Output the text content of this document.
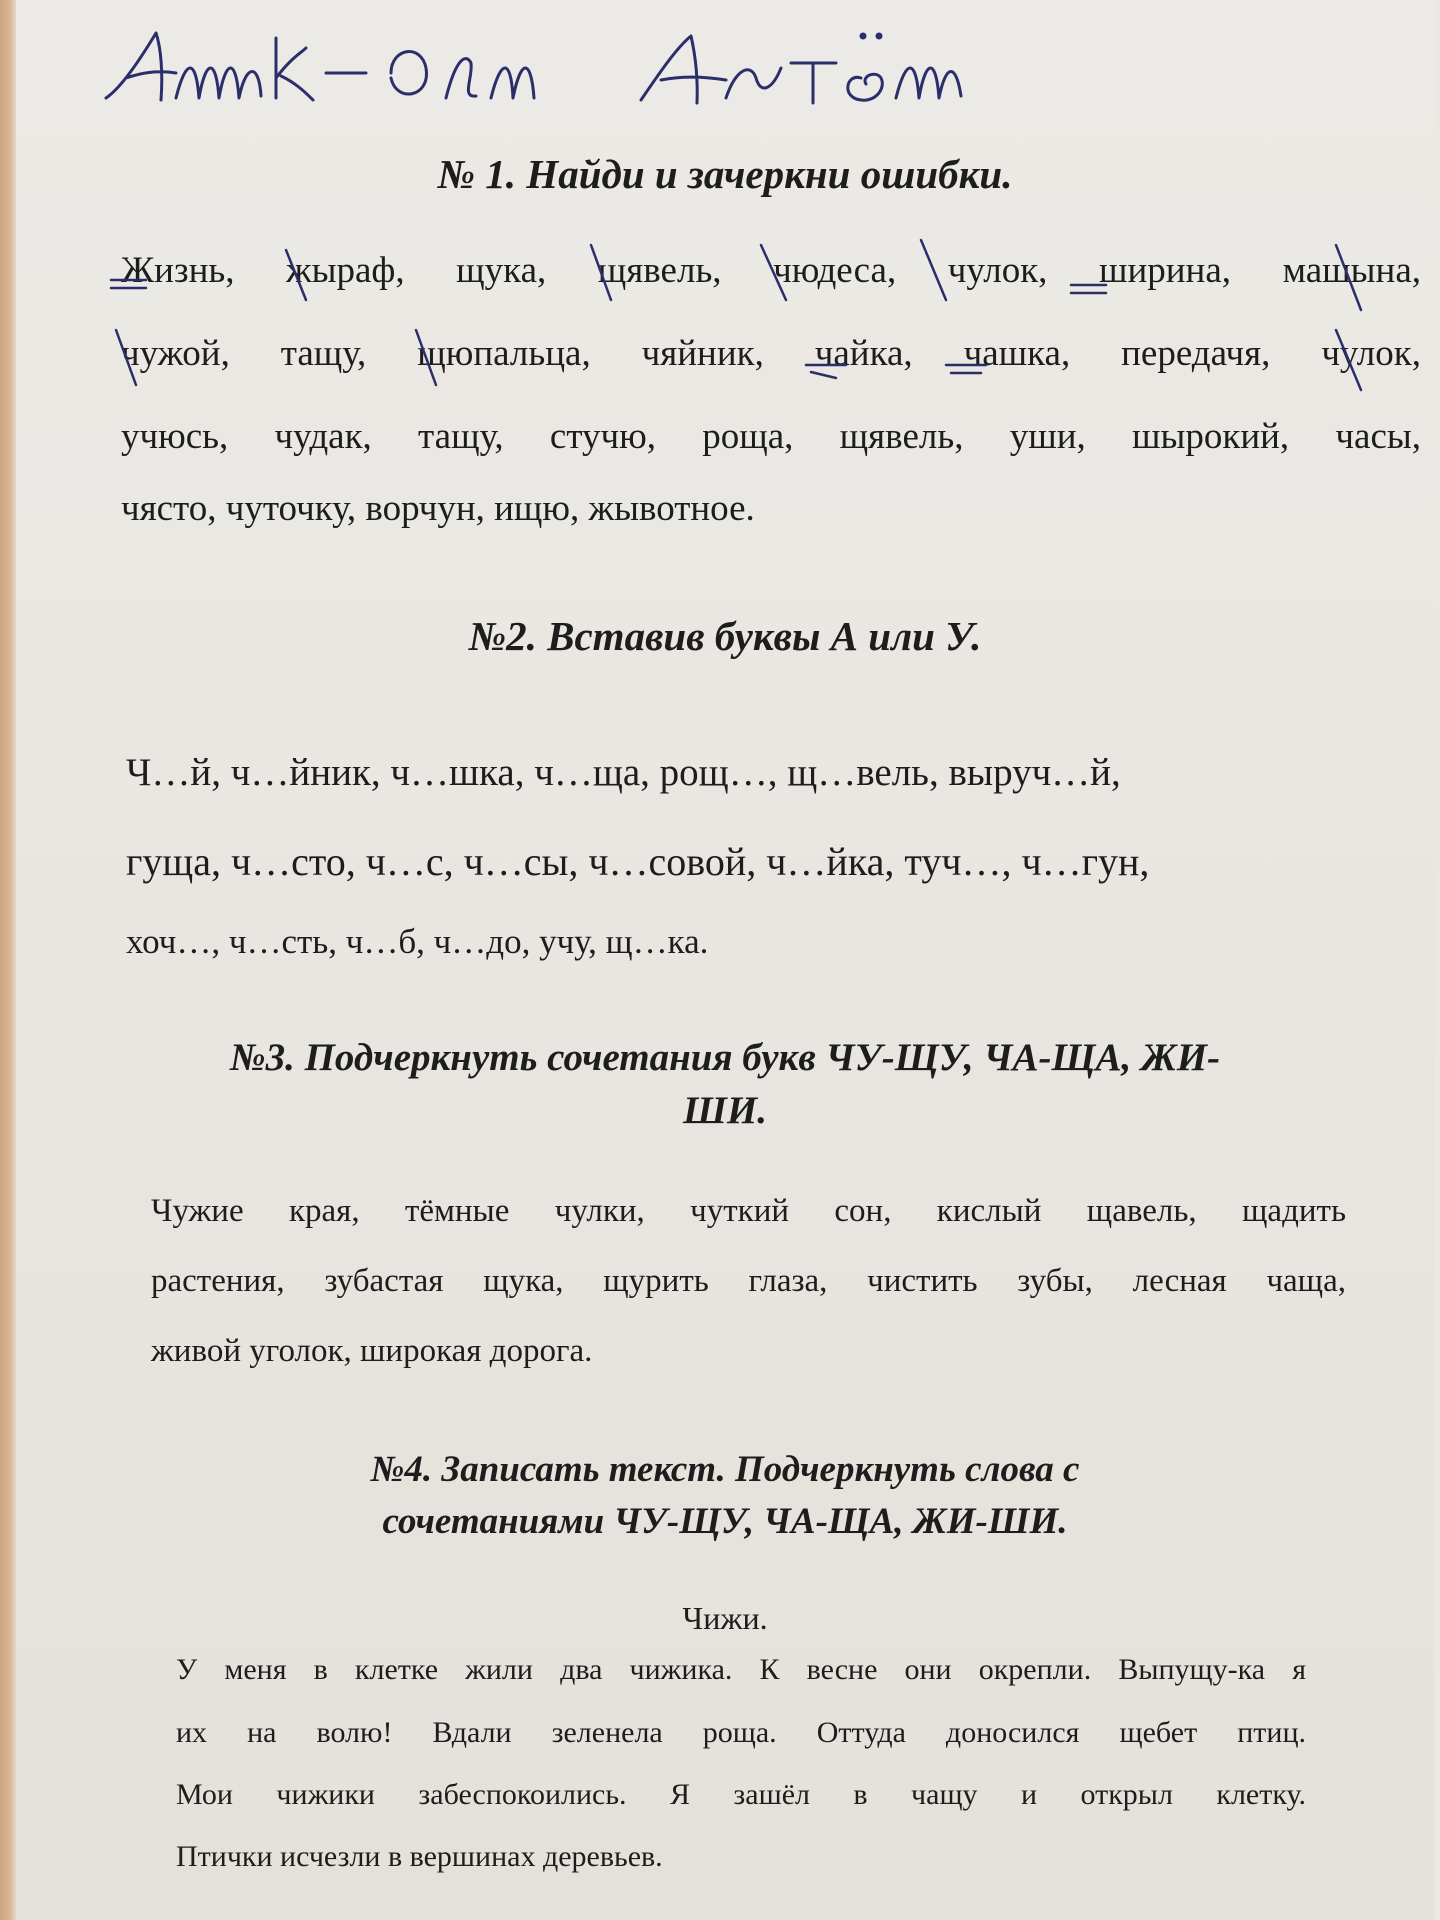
№ 1. Найди и зачеркни ошибки.
Жизнь, жыраф, щука, щявель, чюдеса, чулок, ширина, машына,
чужой, тащу, щюпальца, чяйник, чайка, чашка, передачя, чулок,
учюсь, чудак, тащу, стучю, роща, щявель, уши, шырокий, часы,
чясто, чуточку, ворчун, ищю, жывотное.
№2. Вставив буквы А или У.
Ч…й, ч…йник, ч…шка, ч…ща, рощ…, щ…вель, выруч…й,
гуща, ч…сто, ч…с, ч…сы, ч…совой, ч…йка, туч…, ч…гун,
хоч…, ч…сть, ч…б, ч…до, учу, щ…ка.
№3. Подчеркнуть сочетания букв ЧУ-ЩУ, ЧА-ЩА, ЖИ-
ШИ.
Чужие края, тёмные чулки, чуткий сон, кислый щавель, щадить
растения, зубастая щука, щурить глаза, чистить зубы, лесная чаща,
живой уголок, широкая дорога.
№4. Записать текст. Подчеркнуть слова с
сочетаниями ЧУ-ЩУ, ЧА-ЩА, ЖИ-ШИ.
Чижи.
У меня в клетке жили два чижика. К весне они окрепли. Выпущу-ка я
их на волю! Вдали зеленела роща. Оттуда доносился щебет птиц.
Мои чижики забеспокоились. Я зашёл в чащу и открыл клетку.
Птички исчезли в вершинах деревьев.
